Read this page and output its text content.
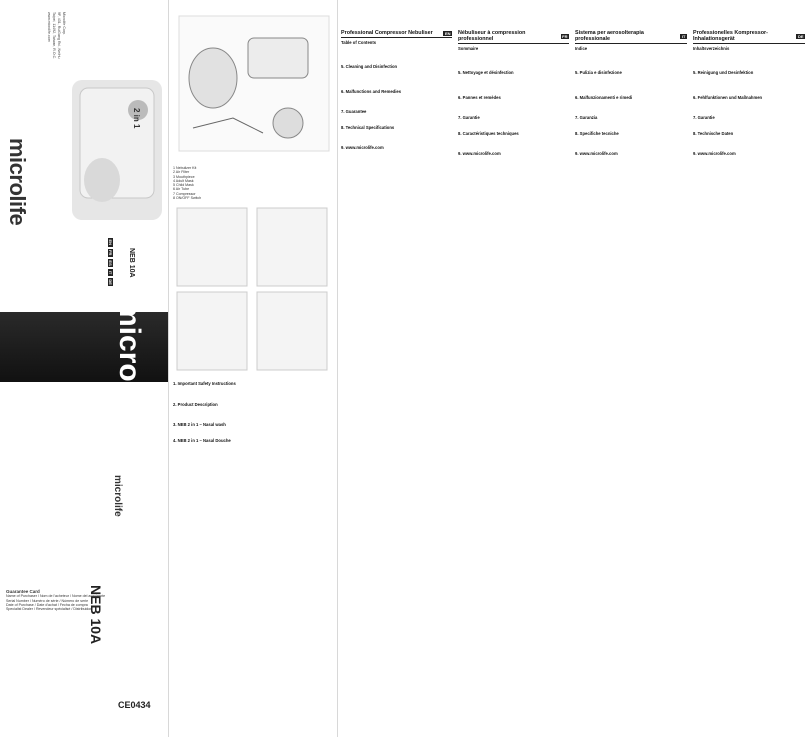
microlife
Microlife Corp.
9F, 431, RuiGang Rd., NeiHu
Taipei, 11492, Taiwan, R.O.C.
www.microlife.com
2 in 1
EN
FR
ES
IT
DE
NEB 10A
microlife
microlife
NEB 10A
Guarantee Card
Name of Purchaser / Nom de l'acheteur / Nome del acquirente
Serial Number / Numéro de série / Número de serie
Date of Purchase / Date d'achat / Fecha de compra
Specialist Dealer / Revendeur spécialisé / Distribuidor
CE0434
1 Nebulizer Kit
2 Air Filter
3 Mouthpiece
4 Adult Mask
5 Child Mask
6 Air Tube
7 Compressor
8 ON/OFF Switch
1. Important Safety Instructions
2. Product Description
3. NEB 2 in 1 – Nasal wash
4. NEB 2 in 1 – Nasal Douche
Professional Compressor Nebuliser	EN
Table of Contents
5. Cleaning and Disinfection
6. Malfunctions and Remedies
7. Guarantee
8. Technical Specifications
9. www.microlife.com
Nébuliseur à compression professionnel	FR
Sommaire
5. Nettoyage et désinfection
6. Pannes et remèdes
7. Garantie
8. Caractéristiques techniques
9. www.microlife.com
Sistema per aerosolterapia professionale	IT
Indice
5. Pulizia e disinfezione
6. Malfunzionamenti e rimedi
7. Garanzia
8. Specifiche tecniche
9. www.microlife.com
Professionelles Kompressor-Inhalationsgerät	DE
Inhaltsverzeichnis
5. Reinigung und Desinfektion
6. Fehlfunktionen und Maßnahmen
7. Garantie
8. Technische Daten
9. www.microlife.com
